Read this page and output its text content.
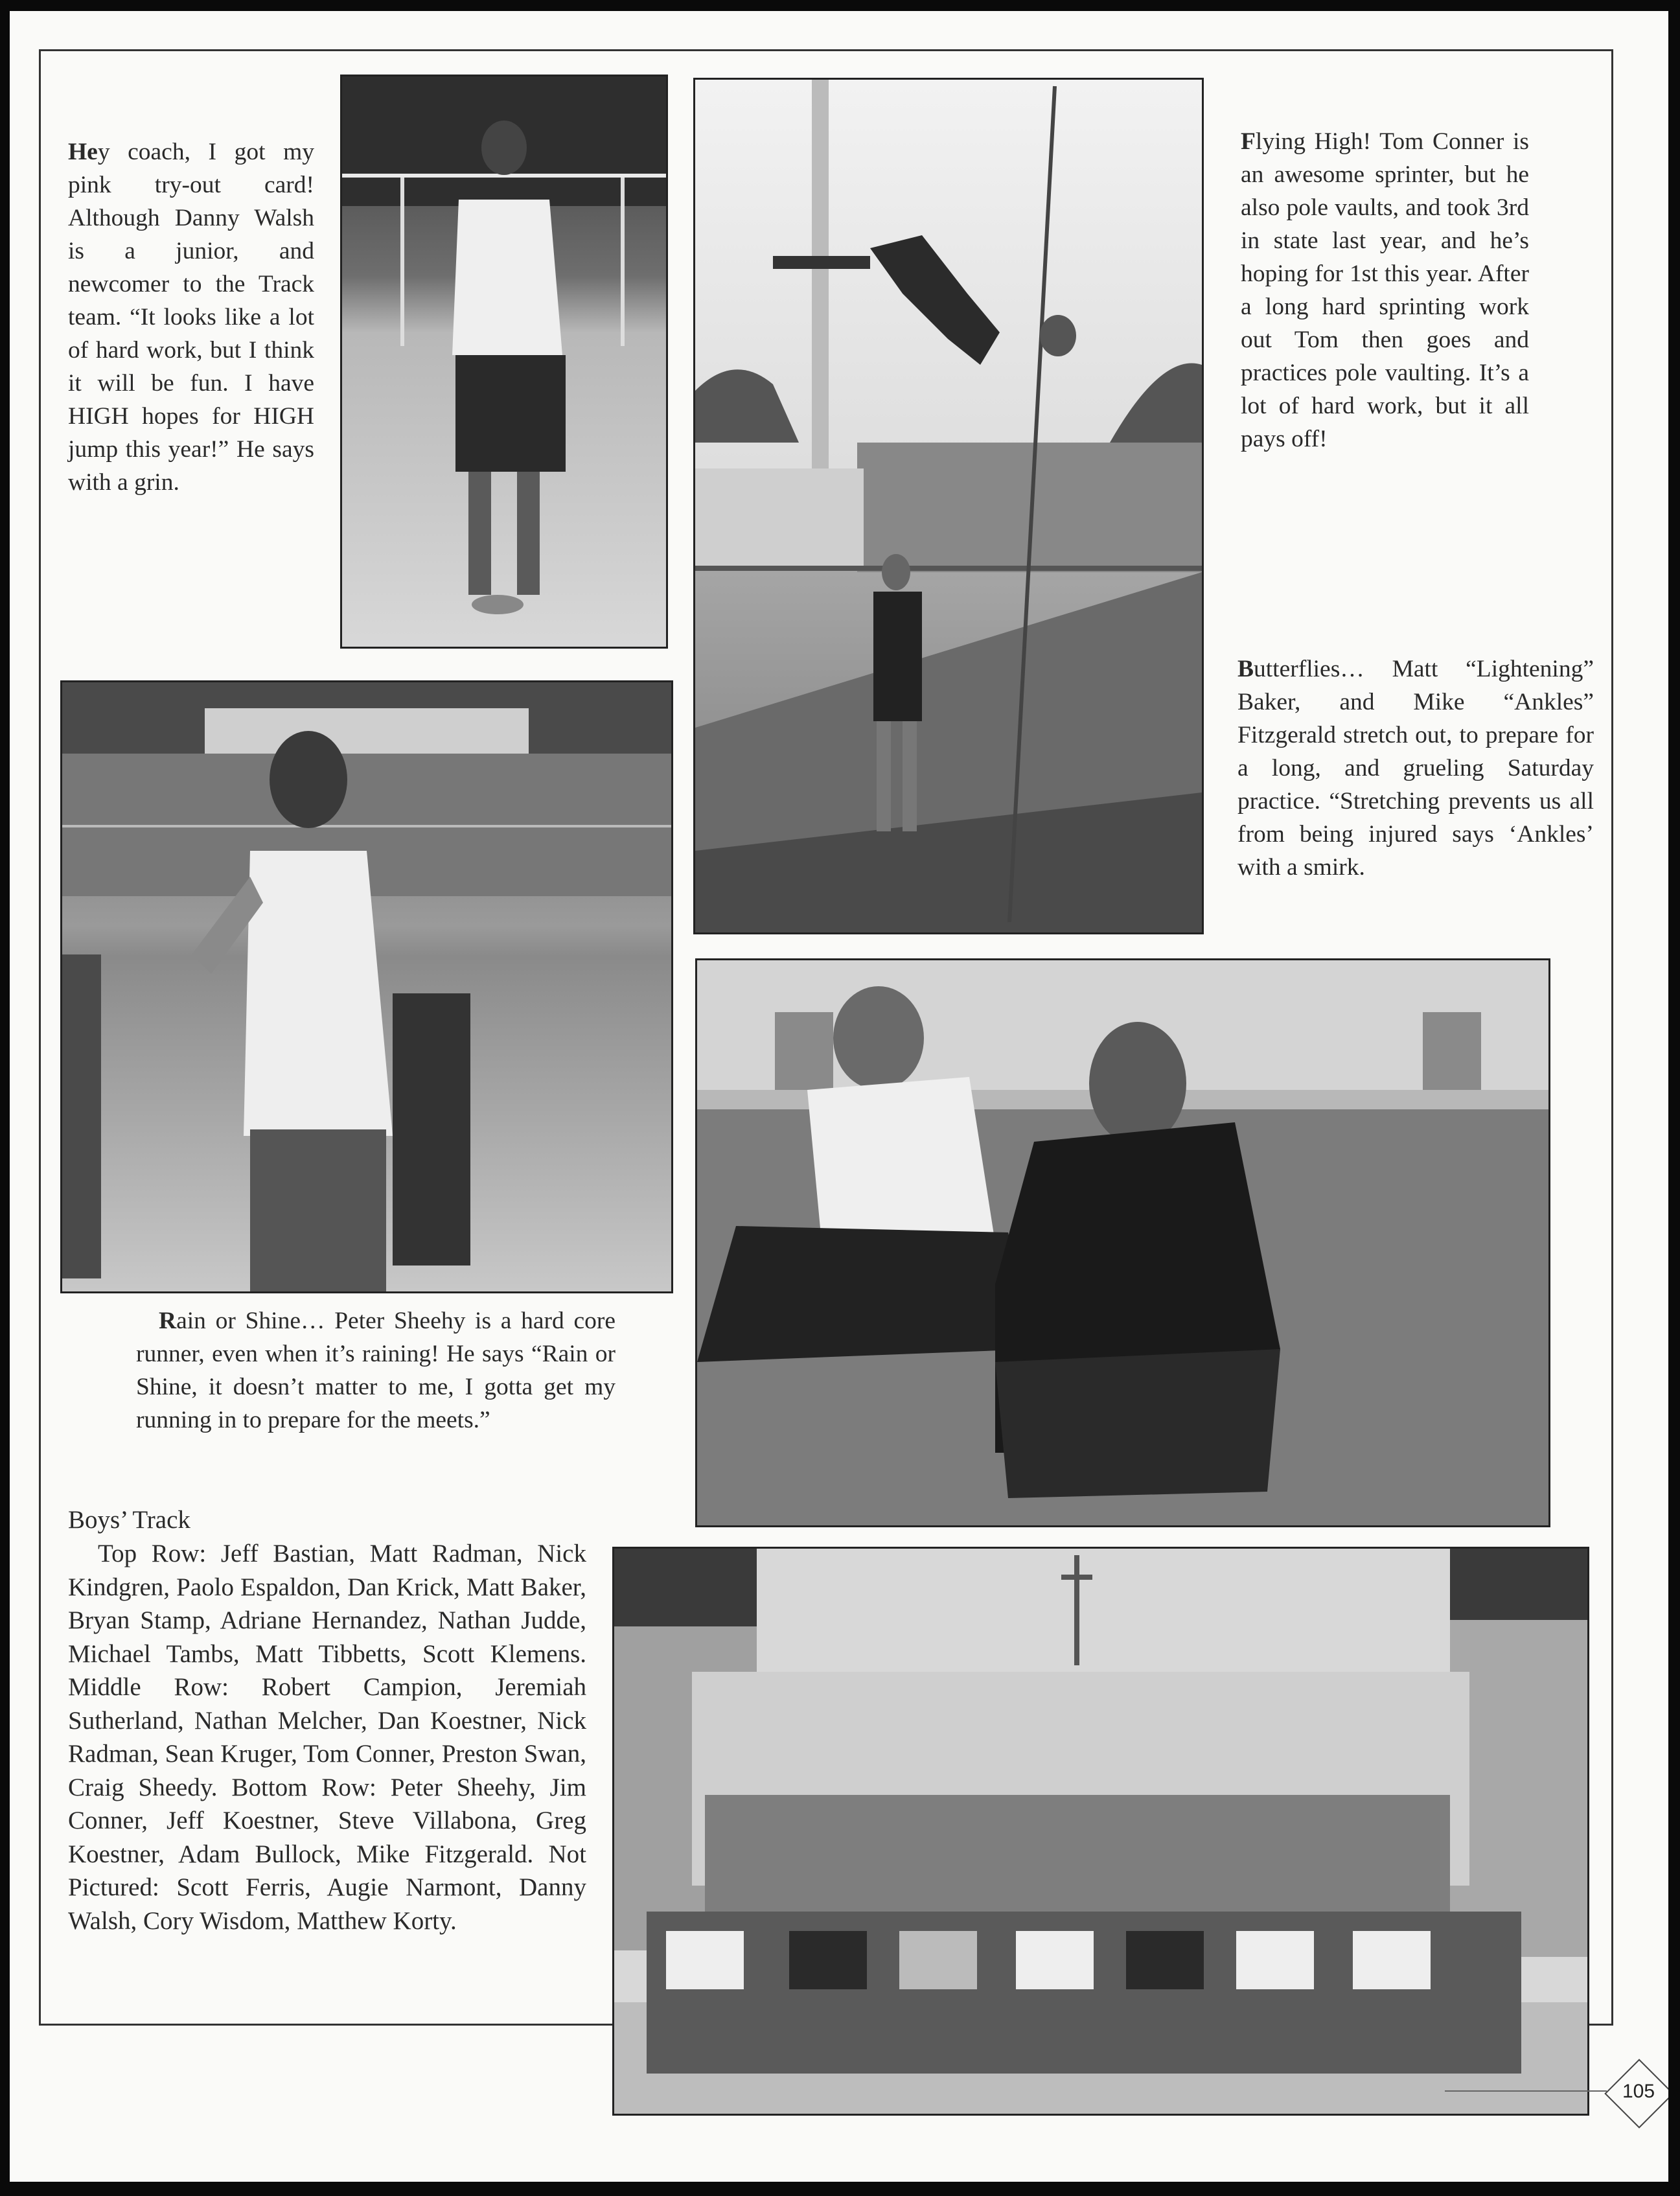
Hey coach, I got my pink try-out card! Although Danny Walsh is a junior, and newcomer to the Track team. “It looks like a lot of hard work, but I think it will be fun. I have HIGH hopes for HIGH jump this year!” He says with a grin.
Flying High! Tom Conner is an awesome sprinter, but he also pole vaults, and took 3rd in state last year, and he’s hoping for 1st this year. After a long hard sprinting work out Tom then goes and practices pole vaulting. It’s a lot of hard work, but it all pays off!
Butterflies… Matt “Lightening” Baker, and Mike “Ankles” Fitzgerald stretch out, to prepare for a long, and grueling Saturday practice. “Stretching prevents us all from being injured says ‘Ankles’ with a smirk.
Rain or Shine… Peter Sheehy is a hard core runner, even when it’s raining! He says “Rain or Shine, it doesn’t matter to me, I gotta get my running in to prepare for the meets.”
Boys’ Track
Top Row: Jeff Bastian, Matt Radman, Nick Kindgren, Paolo Espaldon, Dan Krick, Matt Baker, Bryan Stamp, Adriane Hernandez, Nathan Judde, Michael Tambs, Matt Tibbetts, Scott Klemens. Middle Row: Robert Campion, Jeremiah Sutherland, Nathan Melcher, Dan Koestner, Nick Radman, Sean Kruger, Tom Conner, Preston Swan, Craig Sheedy. Bottom Row: Peter Sheehy, Jim Conner, Jeff Koestner, Steve Villabona, Greg Koestner, Adam Bullock, Mike Fitzgerald. Not Pictured: Scott Ferris, Augie Narmont, Danny Walsh, Cory Wisdom, Matthew Korty.
105
